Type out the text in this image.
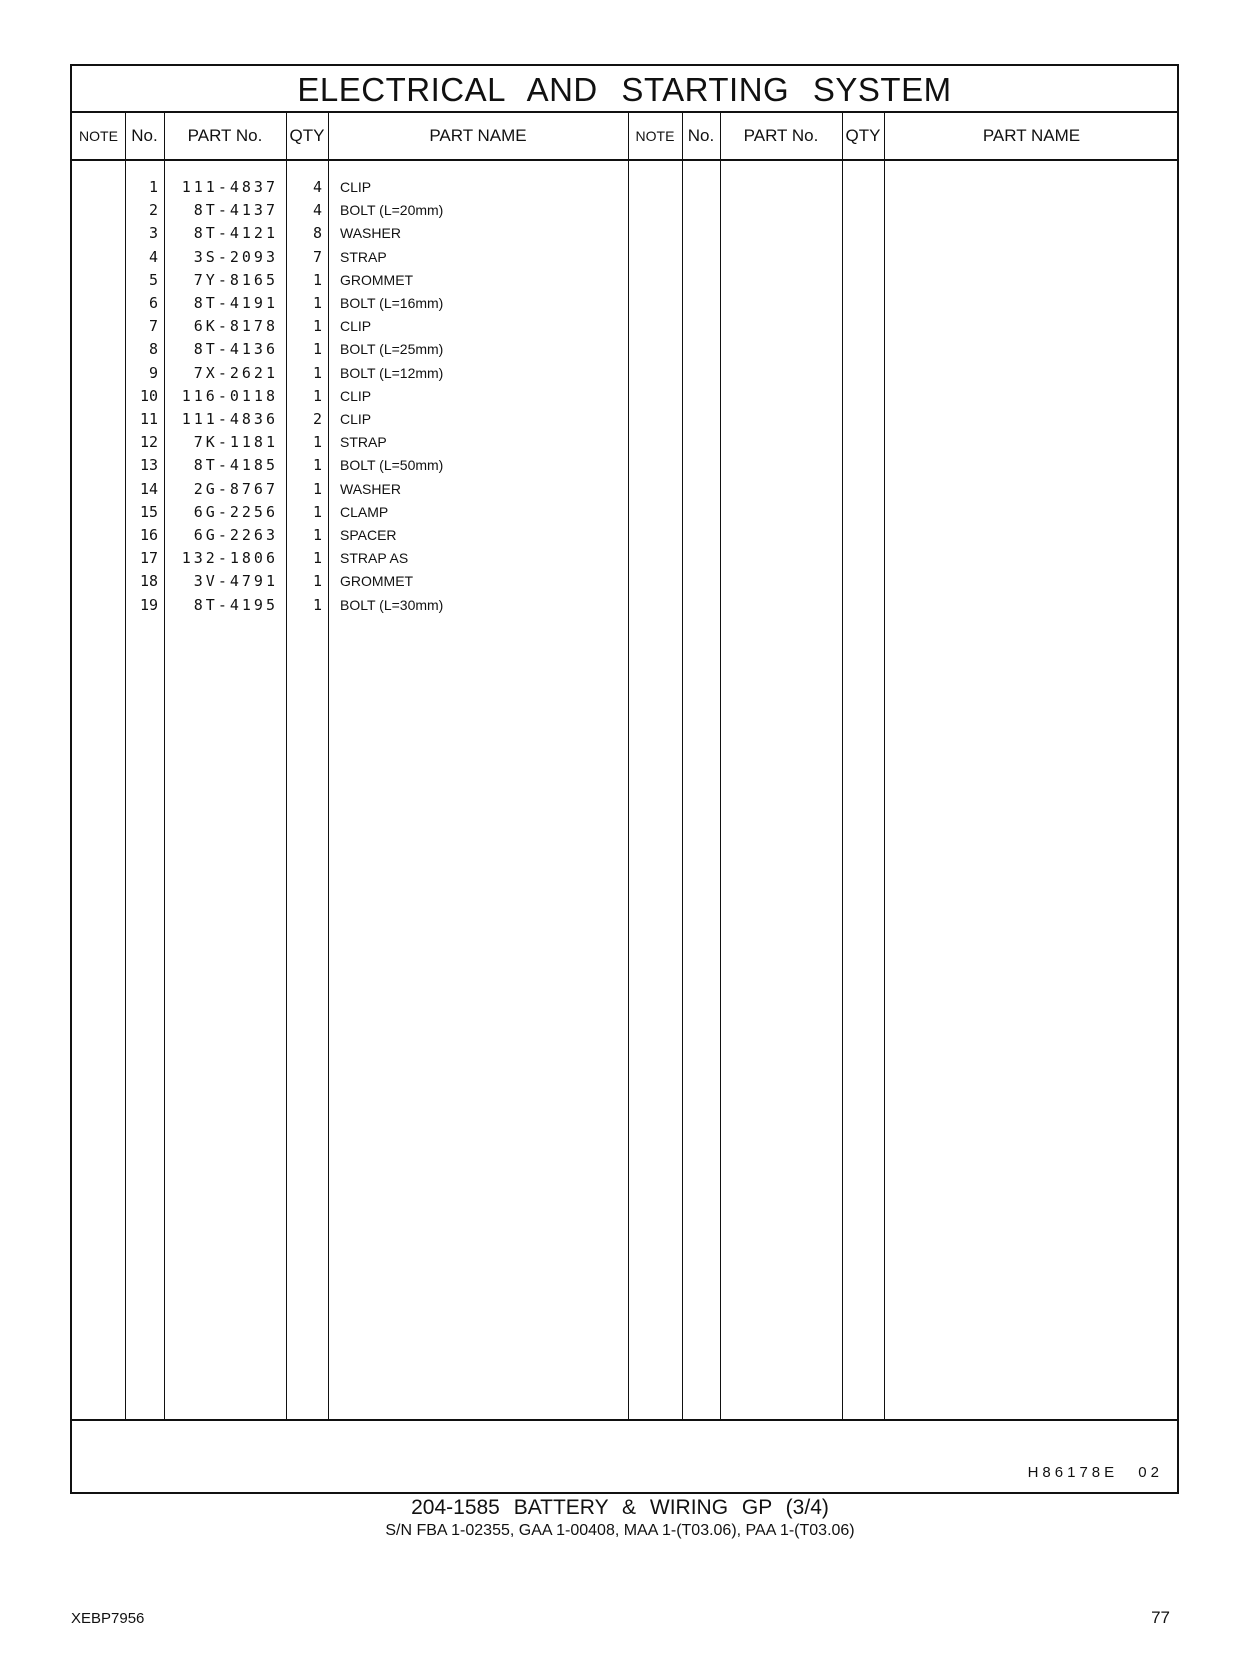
ELECTRICAL AND STARTING SYSTEM
NOTE No.	PART No.	QTY	PART NAME	NOTE No.	PART No.	QTY	PART NAME
1 111-4837	4 CLIP
2	8T-4137	4 BOLT (L=20mm)
3	8T-4121	8 WASHER
4	3S-2093	7 STRAP
5	7Y-8165	1 GROMMET
6	8T-4191	1 BOLT (L=16mm)
7	6K-8178	1 CLIP
8	8T-4136	1 BOLT (L=25mm)
9	7X-2621	1 BOLT (L=12mm)
10 116-0118	1 CLIP
11 111-4836	2 CLIP
12	7K-1181	1 STRAP
13	8T-4185	1 BOLT (L=50mm)
14	2G-8767	1 WASHER
15	6G-2256	1 CLAMP
16	6G-2263	1 SPACER
17 132-1806	1 STRAP AS
18	3V-4791	1 GROMMET
19	8T-4195	1 BOLT (L=30mm)
H86178E 02
204-1585 BATTERY & WIRING GP (3/4)
S/N FBA 1-02355, GAA 1-00408, MAA 1-(T03.06), PAA 1-(T03.06)
XEBP7956	77
